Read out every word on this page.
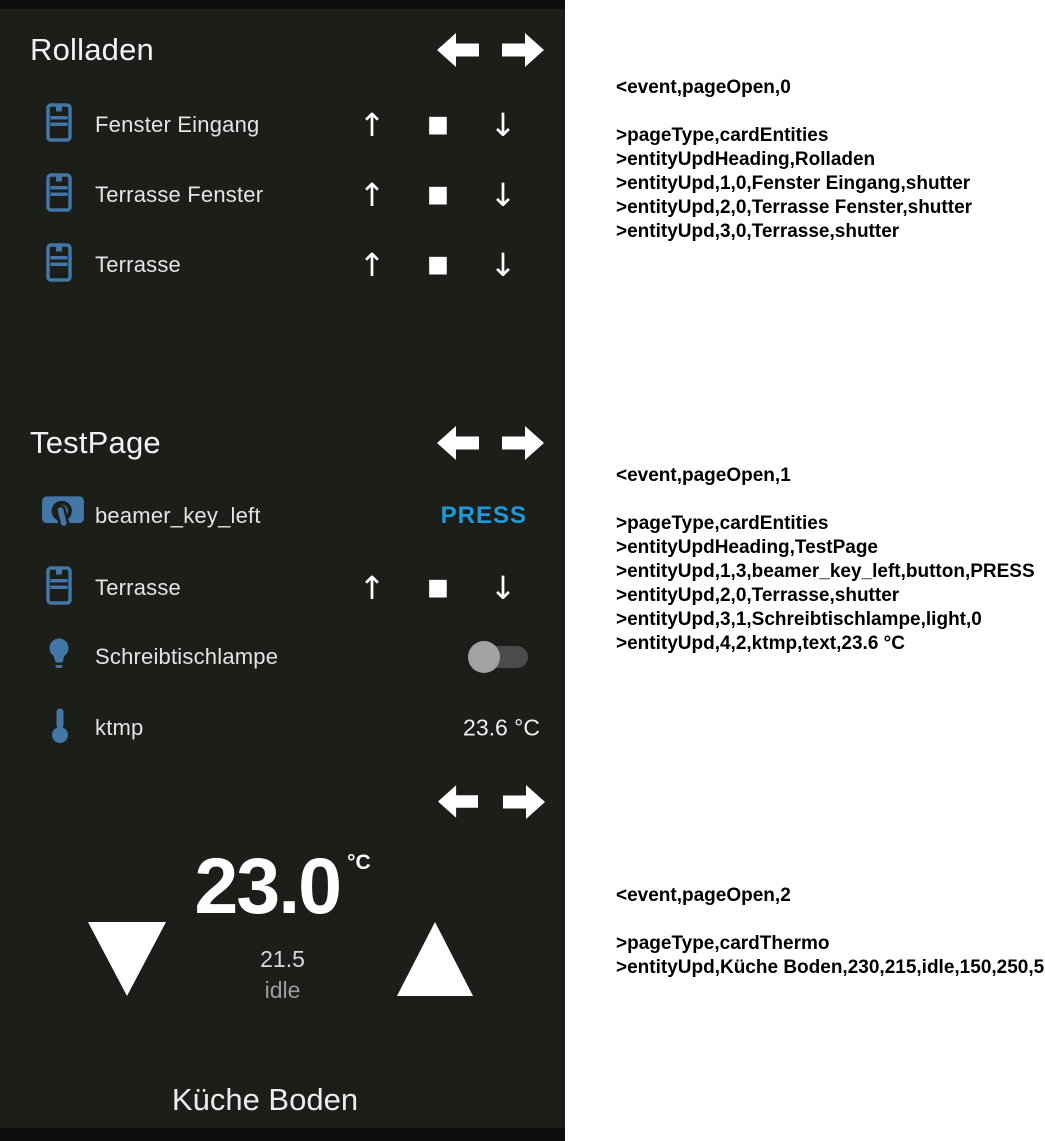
Rolladen
Fenster Eingang	↑ ■ ↓
Terrasse Fenster	↑ ■ ↓
Terrasse	↑ ■ ↓
TestPage
beamer_key_left	PRESS
Terrasse	↑ ■ ↓
Schreibtischlampe
ktmp	23.6 °C
23.0 °C
21.5
idle
Küche Boden
<event,pageOpen,0
>pageType,cardEntities
>entityUpdHeading,Rolladen
>entityUpd,1,0,Fenster Eingang,shutter
>entityUpd,2,0,Terrasse Fenster,shutter
>entityUpd,3,0,Terrasse,shutter
<event,pageOpen,1
>pageType,cardEntities
>entityUpdHeading,TestPage
>entityUpd,1,3,beamer_key_left,button,PRESS
>entityUpd,2,0,Terrasse,shutter
>entityUpd,3,1,Schreibtischlampe,light,0
>entityUpd,4,2,ktmp,text,23.6 °C
<event,pageOpen,2
>pageType,cardThermo
>entityUpd,Küche Boden,230,215,idle,150,250,5
